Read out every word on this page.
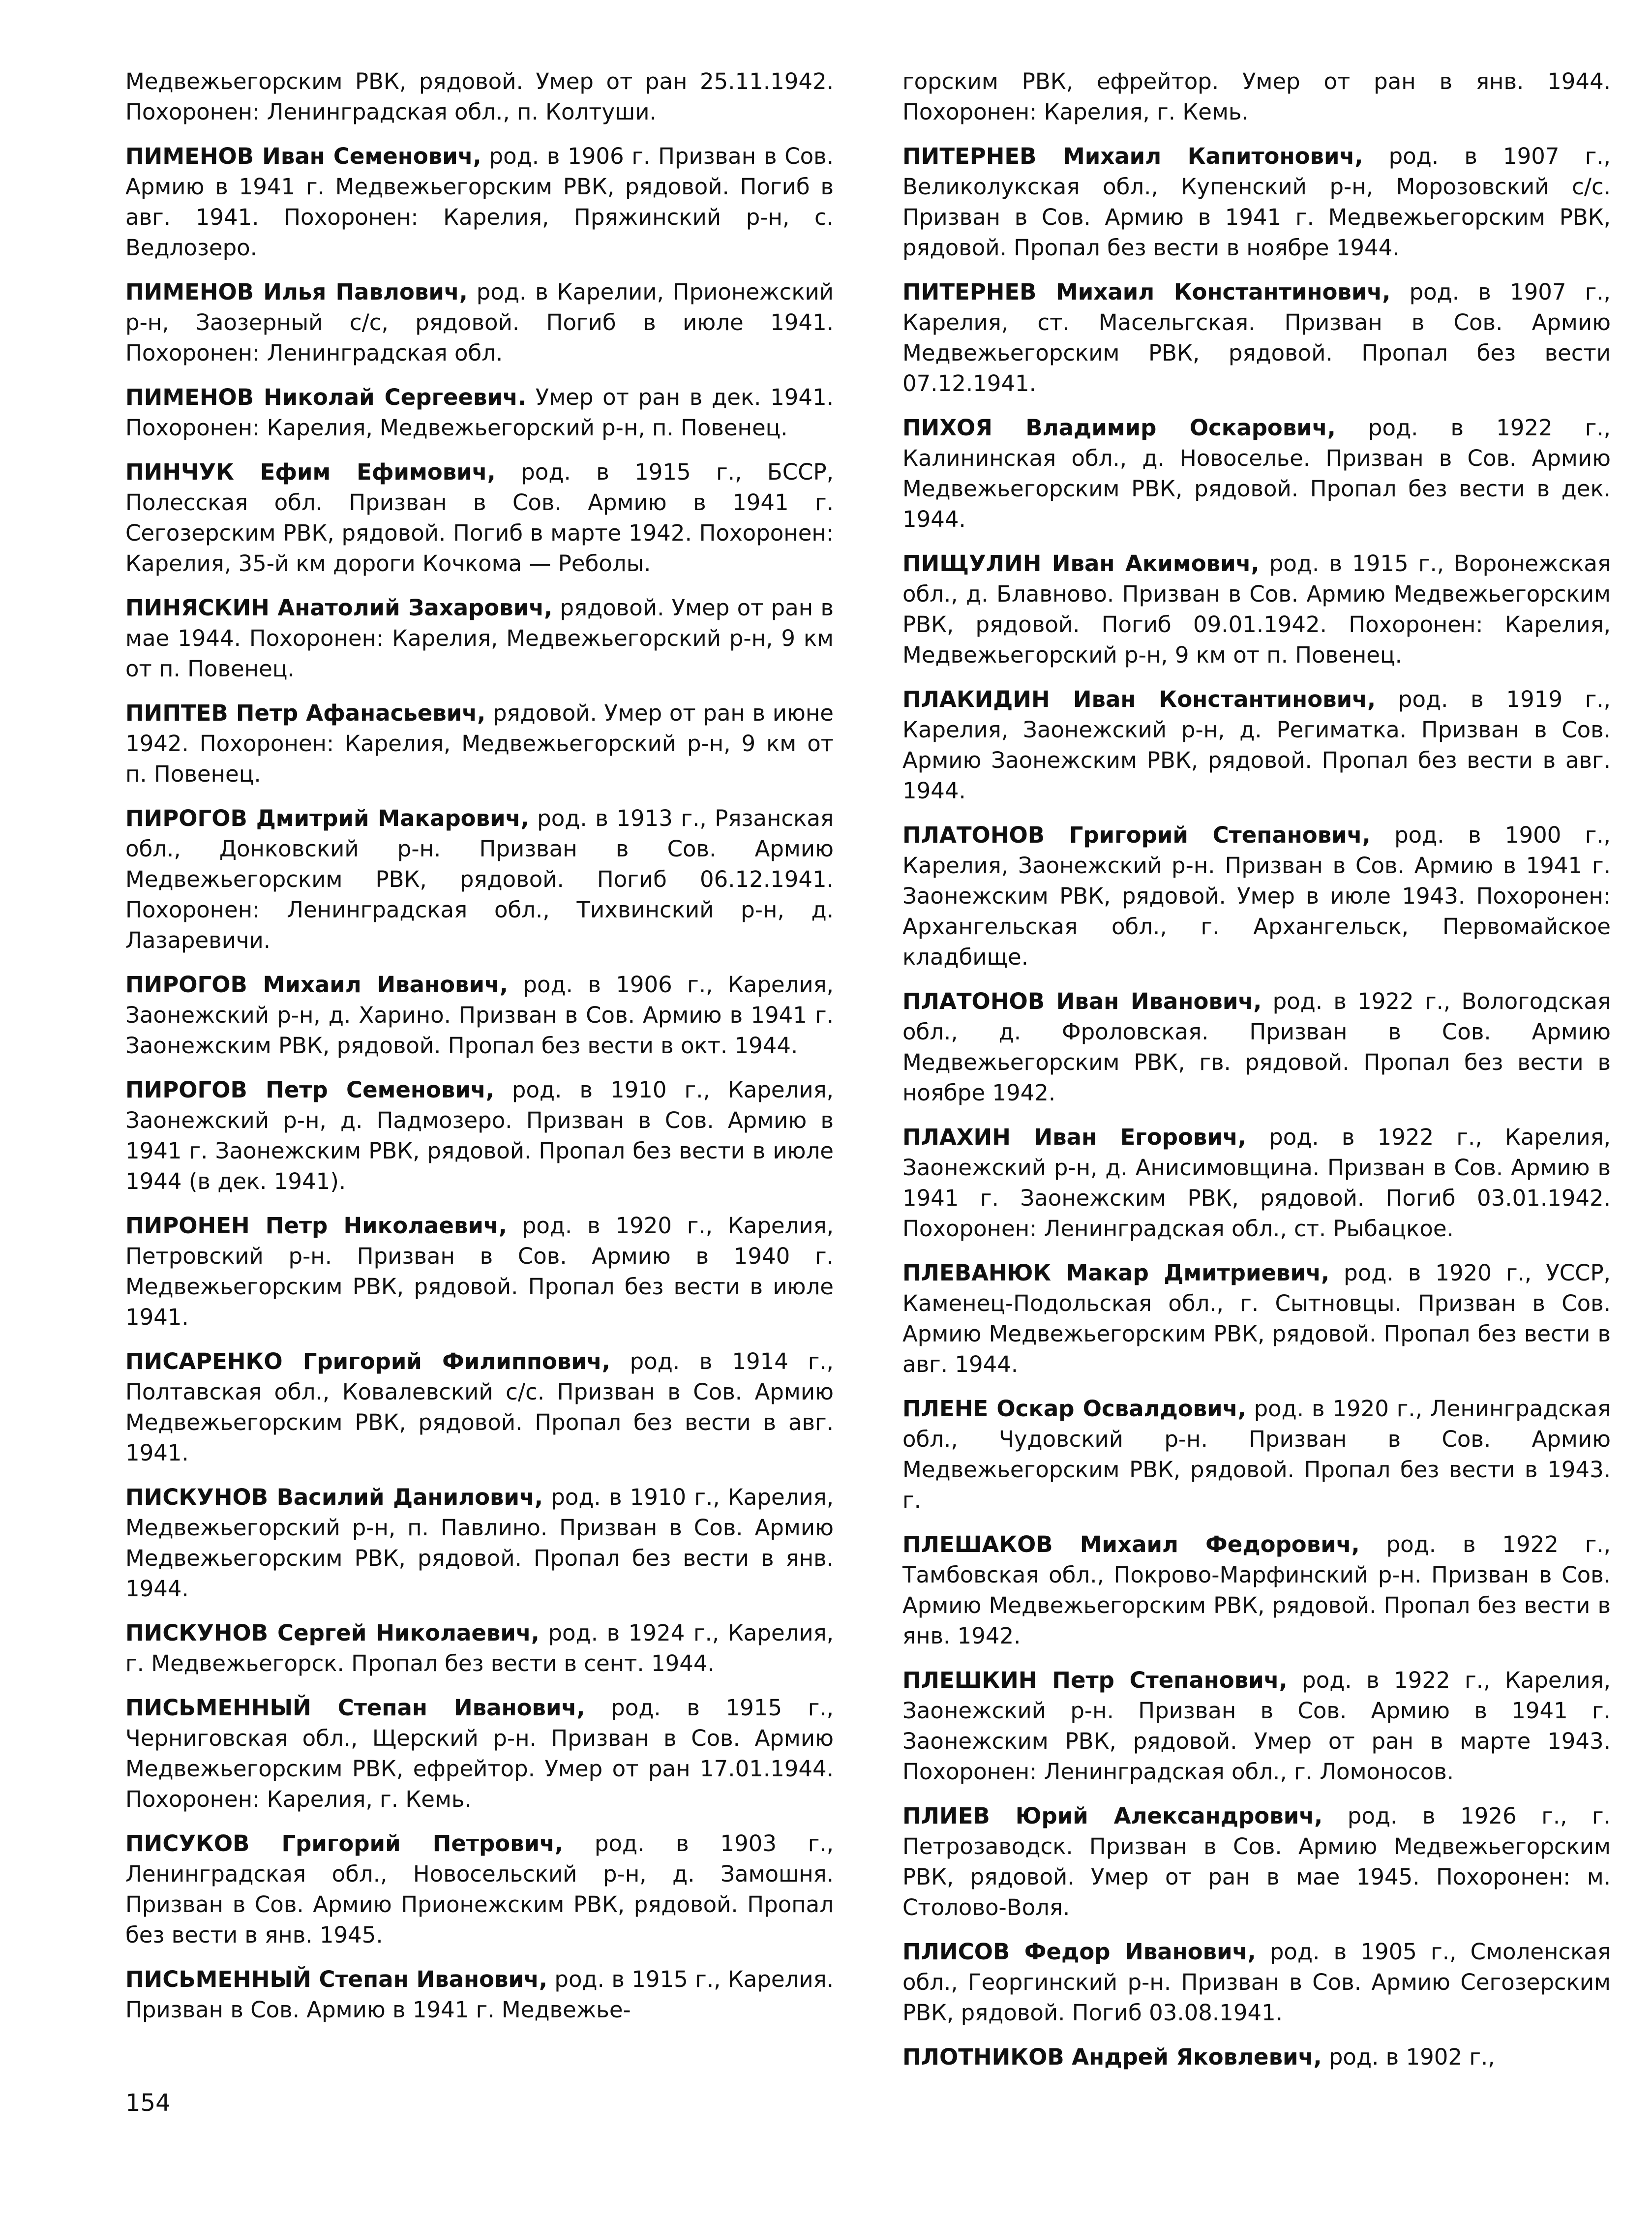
Медвежьегорским РВК, рядовой. Умер от ран 25.11.1942. Похоронен: Ленинградская обл., п. Колтуши.

ПИМЕНОВ Иван Семенович, род. в 1906 г. Призван в Сов. Армию в 1941 г. Медвежьегорским РВК, рядовой. Погиб в авг. 1941. Похоронен: Карелия, Пряжинский р-н, с. Ведлозеро.

ПИМЕНОВ Илья Павлович, род. в Карелии, Прионежский р-н, Заозерный с/с, рядовой. Погиб в июле 1941. Похоронен: Ленинградская обл.

ПИМЕНОВ Николай Сергеевич. Умер от ран в дек. 1941. Похоронен: Карелия, Медвежьегорский р-н, п. Повенец.

ПИНЧУК Ефим Ефимович, род. в 1915 г., БССР, Полесская обл. Призван в Сов. Армию в 1941 г. Сегозерским РВК, рядовой. Погиб в марте 1942. Похоронен: Карелия, 35-й км дороги Кочкома — Реболы.

ПИНЯСКИН Анатолий Захарович, рядовой. Умер от ран в мае 1944. Похоронен: Карелия, Медвежьегорский р-н, 9 км от п. Повенец.

ПИПТЕВ Петр Афанасьевич, рядовой. Умер от ран в июне 1942. Похоронен: Карелия, Медвежьегорский р-н, 9 км от п. Повенец.

ПИРОГОВ Дмитрий Макарович, род. в 1913 г., Рязанская обл., Донковский р-н. Призван в Сов. Армию Медвежьегорским РВК, рядовой. Погиб 06.12.1941. Похоронен: Ленинградская обл., Тихвинский р-н, д. Лазаревичи.

ПИРОГОВ Михаил Иванович, род. в 1906 г., Карелия, Заонежский р-н, д. Харино. Призван в Сов. Армию в 1941 г. Заонежским РВК, рядовой. Пропал без вести в окт. 1944.

ПИРОГОВ Петр Семенович, род. в 1910 г., Карелия, Заонежский р-н, д. Падмозеро. Призван в Сов. Армию в 1941 г. Заонежским РВК, рядовой. Пропал без вести в июле 1944 (в дек. 1941).

ПИРОНЕН Петр Николаевич, род. в 1920 г., Карелия, Петровский р-н. Призван в Сов. Армию в 1940 г. Медвежьегорским РВК, рядовой. Пропал без вести в июле 1941.

ПИСАРЕНКО Григорий Филиппович, род. в 1914 г., Полтавская обл., Ковалевский с/с. Призван в Сов. Армию Медвежьегорским РВК, рядовой. Пропал без вести в авг. 1941.

ПИСКУНОВ Василий Данилович, род. в 1910 г., Карелия, Медвежьегорский р-н, п. Павлино. Призван в Сов. Армию Медвежьегорским РВК, рядовой. Пропал без вести в янв. 1944.

ПИСКУНОВ Сергей Николаевич, род. в 1924 г., Карелия, г. Медвежьегорск. Пропал без вести в сент. 1944.

ПИСЬМЕННЫЙ Степан Иванович, род. в 1915 г., Черниговская обл., Щерский р-н. Призван в Сов. Армию Медвежьегорским РВК, ефрейтор. Умер от ран 17.01.1944. Похоронен: Карелия, г. Кемь.

ПИСУКОВ Григорий Петрович, род. в 1903 г., Ленинградская обл., Новосельский р-н, д. Замошня. Призван в Сов. Армию Прионежским РВК, рядовой. Пропал без вести в янв. 1945.

ПИСЬМЕННЫЙ Степан Иванович, род. в 1915 г., Карелия. Призван в Сов. Армию в 1941 г. Медвежье-

горским РВК, ефрейтор. Умер от ран в янв. 1944. Похоронен: Карелия, г. Кемь.

ПИТЕРНЕВ Михаил Капитонович, род. в 1907 г., Великолукская обл., Купенский р-н, Морозовский с/с. Призван в Сов. Армию в 1941 г. Медвежьегорским РВК, рядовой. Пропал без вести в ноябре 1944.

ПИТЕРНЕВ Михаил Константинович, род. в 1907 г., Карелия, ст. Масельгская. Призван в Сов. Армию Медвежьегорским РВК, рядовой. Пропал без вести 07.12.1941.

ПИХОЯ Владимир Оскарович, род. в 1922 г., Калининская обл., д. Новоселье. Призван в Сов. Армию Медвежьегорским РВК, рядовой. Пропал без вести в дек. 1944.

ПИЩУЛИН Иван Акимович, род. в 1915 г., Воронежская обл., д. Блавново. Призван в Сов. Армию Медвежьегорским РВК, рядовой. Погиб 09.01.1942. Похоронен: Карелия, Медвежьегорский р-н, 9 км от п. Повенец.

ПЛАКИДИН Иван Константинович, род. в 1919 г., Карелия, Заонежский р-н, д. Региматка. Призван в Сов. Армию Заонежским РВК, рядовой. Пропал без вести в авг. 1944.

ПЛАТОНОВ Григорий Степанович, род. в 1900 г., Карелия, Заонежский р-н. Призван в Сов. Армию в 1941 г. Заонежским РВК, рядовой. Умер в июле 1943. Похоронен: Архангельская обл., г. Архангельск, Первомайское кладбище.

ПЛАТОНОВ Иван Иванович, род. в 1922 г., Вологодская обл., д. Фроловская. Призван в Сов. Армию Медвежьегорским РВК, гв. рядовой. Пропал без вести в ноябре 1942.

ПЛАХИН Иван Егорович, род. в 1922 г., Карелия, Заонежский р-н, д. Анисимовщина. Призван в Сов. Армию в 1941 г. Заонежским РВК, рядовой. Погиб 03.01.1942. Похоронен: Ленинградская обл., ст. Рыбацкое.

ПЛЕВАНЮК Макар Дмитриевич, род. в 1920 г., УССР, Каменец-Подольская обл., г. Сытновцы. Призван в Сов. Армию Медвежьегорским РВК, рядовой. Пропал без вести в авг. 1944.

ПЛЕНЕ Оскар Освалдович, род. в 1920 г., Ленинградская обл., Чудовский р-н. Призван в Сов. Армию Медвежьегорским РВК, рядовой. Пропал без вести в 1943. г.

ПЛЕШАКОВ Михаил Федорович, род. в 1922 г., Тамбовская обл., Покрово-Марфинский р-н. Призван в Сов. Армию Медвежьегорским РВК, рядовой. Пропал без вести в янв. 1942.

ПЛЕШКИН Петр Степанович, род. в 1922 г., Карелия, Заонежский р-н. Призван в Сов. Армию в 1941 г. Заонежским РВК, рядовой. Умер от ран в марте 1943. Похоронен: Ленинградская обл., г. Ломоносов.

ПЛИЕВ Юрий Александрович, род. в 1926 г., г. Петрозаводск. Призван в Сов. Армию Медвежьегорским РВК, рядовой. Умер от ран в мае 1945. Похоронен: м. Столово-Воля.

ПЛИСОВ Федор Иванович, род. в 1905 г., Смоленская обл., Георгинский р-н. Призван в Сов. Армию Сегозерским РВК, рядовой. Погиб 03.08.1941.

ПЛОТНИКОВ Андрей Яковлевич, род. в 1902 г.,

154
